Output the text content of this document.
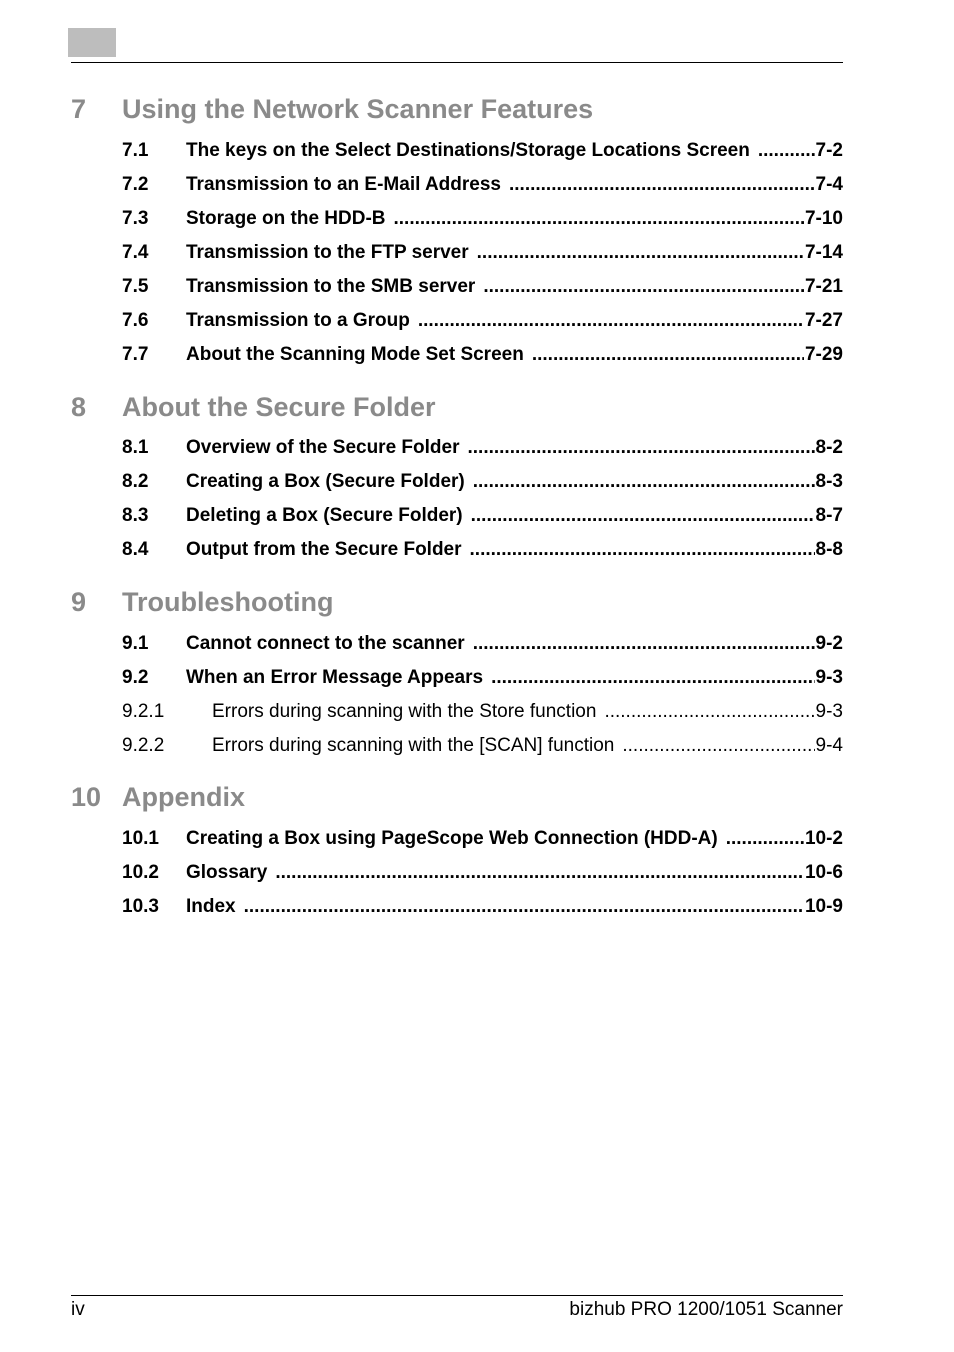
7 Using the Network Scanner Features
7.1	The keys on the Select Destinations/Storage Locations Screen .....	7-2
7.2	Transmission to an E-Mail Address .....	7-4
7.3	Storage on the HDD-B .....	7-10
7.4	Transmission to the FTP server .....	7-14
7.5	Transmission to the SMB server .....	7-21
7.6	Transmission to a Group .....	7-27
7.7	About the Scanning Mode Set Screen .....	7-29
8 About the Secure Folder
8.1	Overview of the Secure Folder .....	8-2
8.2	Creating a Box (Secure Folder) .....	8-3
8.3	Deleting a Box (Secure Folder) .....	8-7
8.4	Output from the Secure Folder .....	8-8
9 Troubleshooting
9.1	Cannot connect to the scanner .....	9-2
9.2	When an Error Message Appears .....	9-3
9.2.1	Errors during scanning with the Store function .....	9-3
9.2.2	Errors during scanning with the [SCAN] function .....	9-4
10 Appendix
10.1	Creating a Box using PageScope Web Connection (HDD-A) .....	10-2
10.2	Glossary .....	10-6
10.3	Index .....	10-9
iv	bizhub PRO 1200/1051 Scanner
